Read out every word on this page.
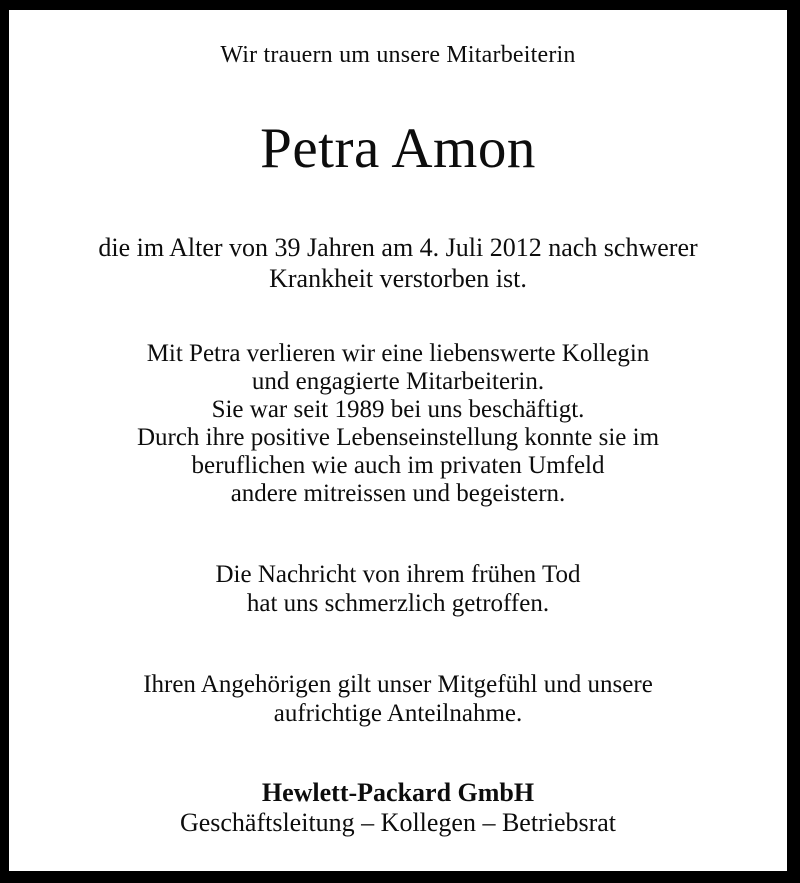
Wir trauern um unsere Mitarbeiterin
Petra Amon
die im Alter von 39 Jahren am 4. Juli 2012 nach schwerer
Krankheit verstorben ist.
Mit Petra verlieren wir eine liebenswerte Kollegin
und engagierte Mitarbeiterin.
Sie war seit 1989 bei uns beschäftigt.
Durch ihre positive Lebenseinstellung konnte sie im
beruflichen wie auch im privaten Umfeld
andere mitreissen und begeistern.
Die Nachricht von ihrem frühen Tod
hat uns schmerzlich getroffen.
Ihren Angehörigen gilt unser Mitgefühl und unsere
aufrichtige Anteilnahme.
Hewlett-Packard GmbH
Geschäftsleitung – Kollegen – Betriebsrat
